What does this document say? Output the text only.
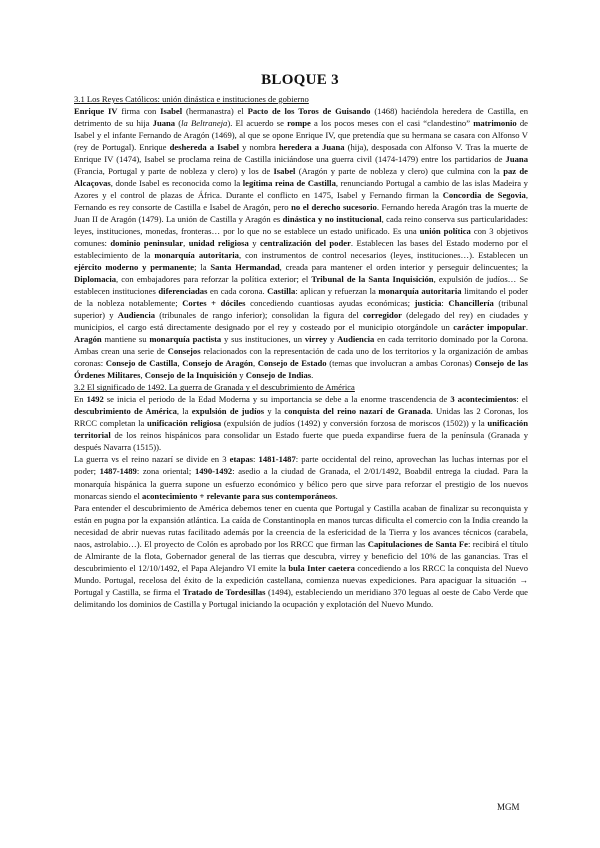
BLOQUE 3

3.1 Los Reyes Católicos: unión dinástica e instituciones de gobierno

Enrique IV firma con Isabel (hermanastra) el Pacto de los Toros de Guisando (1468) haciéndola heredera de Castilla, en detrimento de su hija Juana (la Beltraneja). El acuerdo se rompe a los pocos meses con el casi “clandestino” matrimonio de Isabel y el infante Fernando de Aragón (1469), al que se opone Enrique IV, que pretendía que su hermana se casara con Alfonso V (rey de Portugal). Enrique deshereda a Isabel y nombra heredera a Juana (hija), desposada con Alfonso V. Tras la muerte de Enrique IV (1474), Isabel se proclama reina de Castilla iniciándose una guerra civil (1474-1479) entre los partidarios de Juana (Francia, Portugal y parte de nobleza y clero) y los de Isabel (Aragón y parte de nobleza y clero) que culmina con la paz de Alcaçovas, donde Isabel es reconocida como la legítima reina de Castilla, renunciando Portugal a cambio de las islas Madeira y Azores y el control de plazas de África. Durante el conflicto en 1475, Isabel y Fernando firman la Concordia de Segovia, Fernando es rey consorte de Castilla e Isabel de Aragón, pero no el derecho sucesorio. Fernando hereda Aragón tras la muerte de Juan II de Aragón (1479). La unión de Castilla y Aragón es dinástica y no institucional, cada reino conserva sus particularidades: leyes, instituciones, monedas, fronteras… por lo que no se establece un estado unificado. Es una unión política con 3 objetivos comunes: dominio peninsular, unidad religiosa y centralización del poder. Establecen las bases del Estado moderno por el establecimiento de la monarquía autoritaria, con instrumentos de control necesarios (leyes, instituciones…). Establecen un ejército moderno y permanente; la Santa Hermandad, creada para mantener el orden interior y perseguir delincuentes; la Diplomacia, con embajadores para reforzar la política exterior; el Tribunal de la Santa Inquisición, expulsión de judíos… Se establecen instituciones diferenciadas en cada corona. Castilla: aplican y refuerzan la monarquía autoritaria limitando el poder de la nobleza notablemente; Cortes + dóciles concediendo cuantiosas ayudas económicas; justicia: Chancillería (tribunal superior) y Audiencia (tribunales de rango inferior); consolidan la figura del corregidor (delegado del rey) en ciudades y municipios, el cargo está directamente designado por el rey y costeado por el municipio otorgándole un carácter impopular. Aragón mantiene su monarquía pactista y sus instituciones, un virrey y Audiencia en cada territorio dominado por la Corona. Ambas crean una serie de Consejos relacionados con la representación de cada uno de los territorios y la organización de ambas coronas: Consejo de Castilla, Consejo de Aragón, Consejo de Estado (temas que involucran a ambas Coronas) Consejo de las Órdenes Militares, Consejo de la Inquisición y Consejo de Indias.

3.2 El significado de 1492. La guerra de Granada y el descubrimiento de América

En 1492 se inicia el periodo de la Edad Moderna y su importancia se debe a la enorme trascendencia de 3 acontecimientos: el descubrimiento de América, la expulsión de judíos y la conquista del reino nazarí de Granada. Unidas las 2 Coronas, los RRCC completan la unificación religiosa (expulsión de judíos (1492) y conversión forzosa de moriscos (1502)) y la unificación territorial de los reinos hispánicos para consolidar un Estado fuerte que pueda expandirse fuera de la península (Granada y después Navarra (1515)).

La guerra vs el reino nazarí se divide en 3 etapas: 1481-1487: parte occidental del reino, aprovechan las luchas internas por el poder; 1487-1489: zona oriental; 1490-1492: asedio a la ciudad de Granada, el 2/01/1492, Boabdil entrega la ciudad. Para la monarquía hispánica la guerra supone un esfuerzo económico y bélico pero que sirve para reforzar el prestigio de los nuevos monarcas siendo el acontecimiento + relevante para sus contemporáneos.

Para entender el descubrimiento de América debemos tener en cuenta que Portugal y Castilla acaban de finalizar su reconquista y están en pugna por la expansión atlántica. La caída de Constantinopla en manos turcas dificulta el comercio con la India creando la necesidad de abrir nuevas rutas facilitado además por la creencia de la esfericidad de la Tierra y los avances técnicos (carabela, naos, astrolabio…). El proyecto de Colón es aprobado por los RRCC que firman las Capitulaciones de Santa Fe: recibirá el título de Almirante de la flota, Gobernador general de las tierras que descubra, virrey y beneficio del 10% de las ganancias. Tras el descubrimiento el 12/10/1492, el Papa Alejandro VI emite la bula Inter caetera concediendo a los RRCC la conquista del Nuevo Mundo. Portugal, recelosa del éxito de la expedición castellana, comienza nuevas expediciones. Para apaciguar la situación → Portugal y Castilla, se firma el Tratado de Tordesillas (1494), estableciendo un meridiano 370 leguas al oeste de Cabo Verde que delimitando los dominios de Castilla y Portugal iniciando la ocupación y explotación del Nuevo Mundo.

MGM
